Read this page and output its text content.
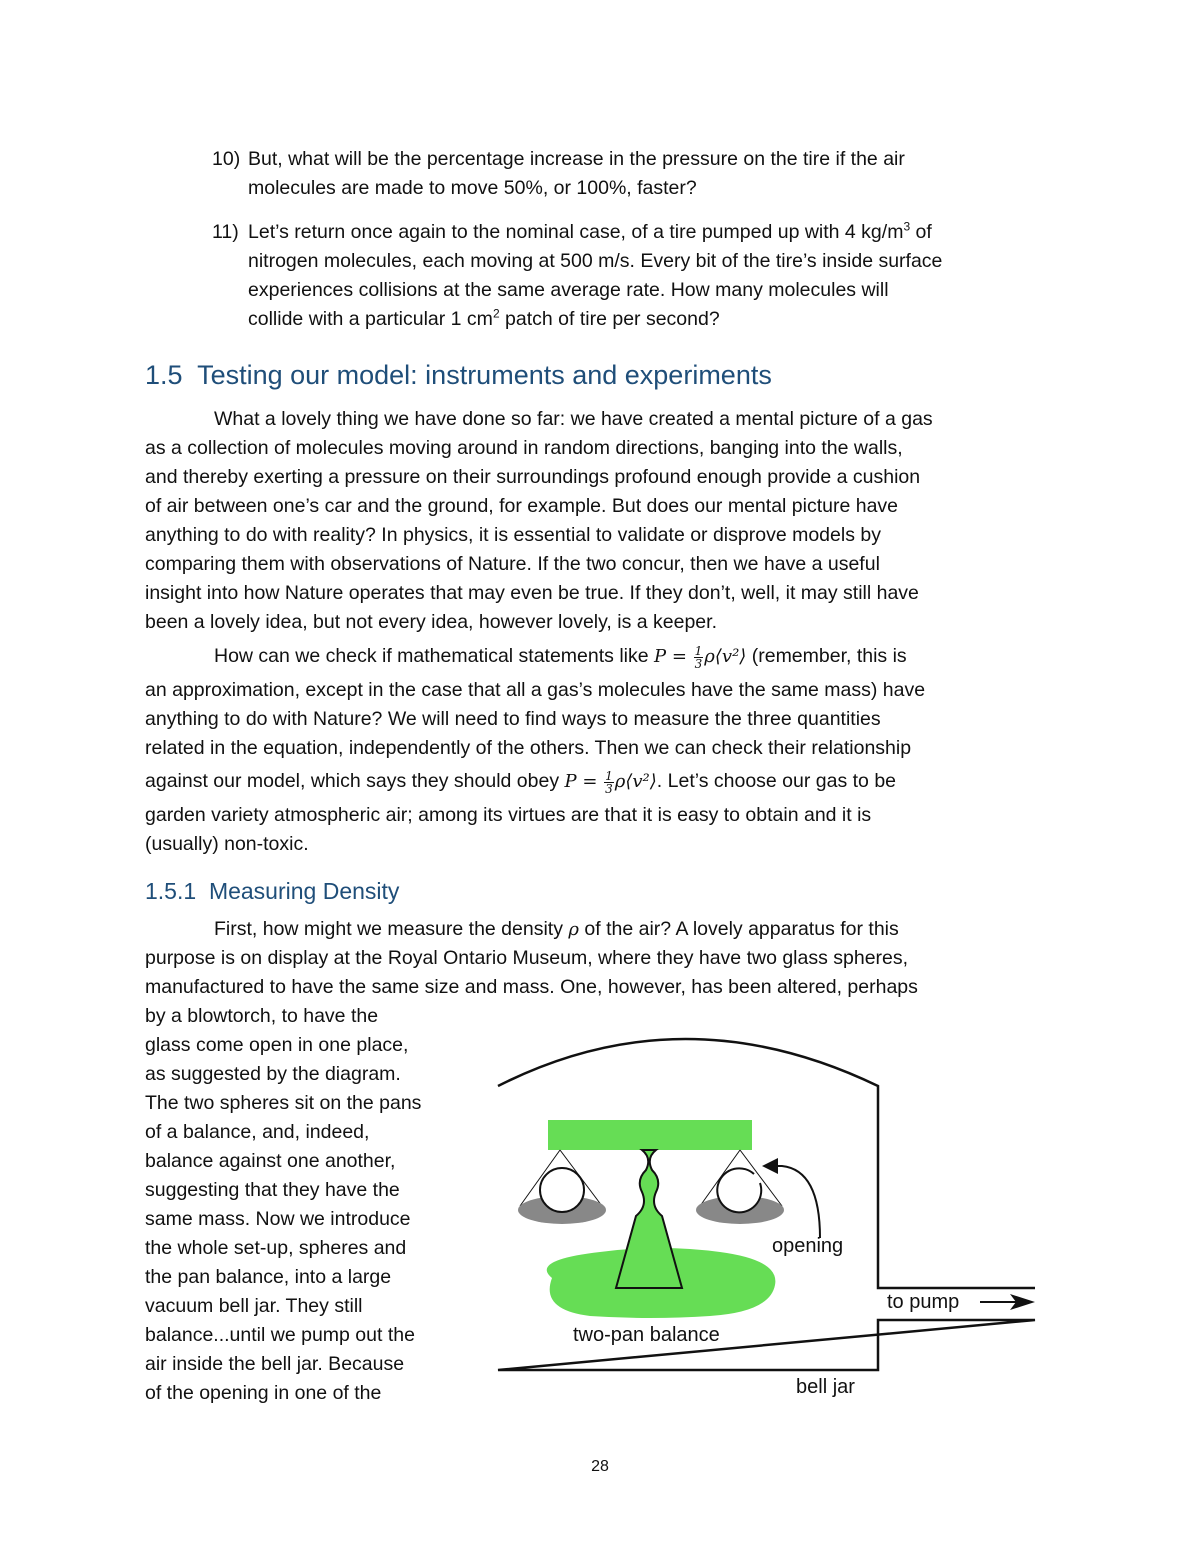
10) But, what will be the percentage increase in the pressure on the tire if the air
molecules are made to move 50%, or 100%, faster?
11) Let’s return once again to the nominal case, of a tire pumped up with 4 $kg/m^3$ of
nitrogen molecules, each moving at 500 m/s. Every bit of the tire’s inside surface
experiences collisions at the same average rate. How many molecules will
collide with a particular 1 $cm^2$ patch of tire per second?
1.5 Testing our model: instruments and experiments
What a lovely thing we have done so far: we have created a mental picture of a gas
as a collection of molecules moving around in random directions, banging into the walls,
and thereby exerting a pressure on their surroundings profound enough provide a cushion
of air between one’s car and the ground, for example. But does our mental picture have
anything to do with reality? In physics, it is essential to validate or disprove models by
comparing them with observations of Nature. If the two concur, then we have a useful
insight into how Nature operates that may even be true. If they don’t, well, it may still have
been a lovely idea, but not every idea, however lovely, is a keeper.
How can we check if mathematical statements like $P = \frac{1}{3}$ ρ⟨v²⟩ (remember, this is
an approximation, except in the case that all a gas’s molecules have the same mass) have
anything to do with Nature? We will need to find ways to measure the three quantities
related in the equation, independently of the others. Then we can check their relationship
against our model, which says they should obey $P = \frac{1}{3}$ ρ⟨v²⟩. Let’s choose our gas to be
garden variety atmospheric air; among its virtues are that it is easy to obtain and it is
(usually) non-toxic.
1.5.1 Measuring Density
First, how might we measure the density ρ of the air? A lovely apparatus for this
purpose is on display at the Royal Ontario Museum, where they have two glass spheres,
manufactured to have the same size and mass. One, however, has been altered, perhaps
by a blowtorch, to have the
glass come open in one place,
as suggested by the diagram.
The two spheres sit on the pans
of a balance, and, indeed,
balance against one another,
suggesting that they have the
same mass. Now we introduce
the whole set-up, spheres and
the pan balance, into a large
vacuum bell jar. They still
balance...until we pump out the
air inside the bell jar. Because
of the opening in one of the
opening
to pump
two-pan balance
bell jar
28
